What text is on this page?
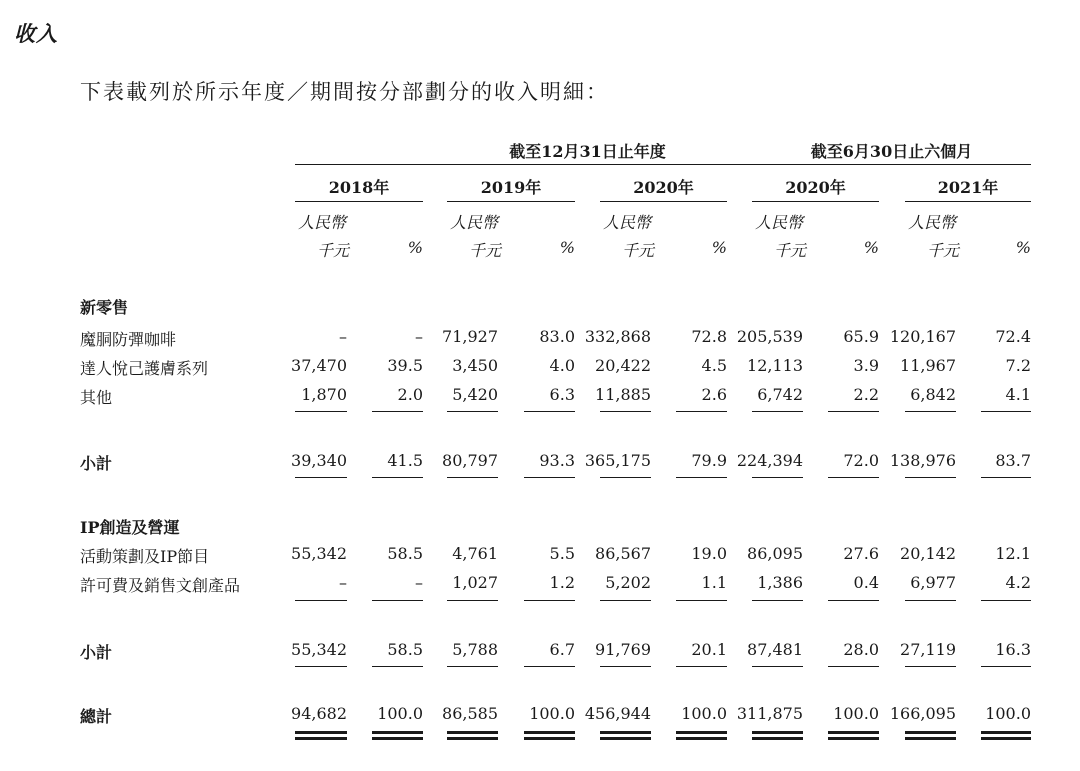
收入
下表載列於所示年度／期間按分部劃分的收入明細：
截至12月31日止年度	截至6月30日止六個月
2018年
人民幣
千元	%
2019年
人民幣
千元	%
2020年
人民幣
千元	%
2020年
人民幣
千元	%
2021年
人民幣
千元	%
新零售
魔胴防彈咖啡	–	–	71,927	83.0 332,868	72.8 205,539	65.9 120,167	72.4
達人悅己護膚系列	37,470	39.5	3,450	4.0	20,422	4.5	12,113	3.9	11,967	7.2
其他	1,870	2.0	5,420	6.3	11,885	2.6	6,742	2.2	6,842	4.1
小計	39,340	41.5	80,797	93.3 365,175	79.9 224,394	72.0 138,976	83.7
IP創造及營運
活動策劃及IP節目	55,342	58.5	4,761	5.5	86,567	19.0	86,095	27.6	20,142	12.1
許可費及銷售文創產品	–	–	1,027	1.2	5,202	1.1	1,386	0.4	6,977	4.2
小計	55,342	58.5	5,788	6.7	91,769	20.1	87,481	28.0	27,119	16.3
總計	94,682	100.0	86,585	100.0 456,944	100.0 311,875	100.0 166,095	100.0
